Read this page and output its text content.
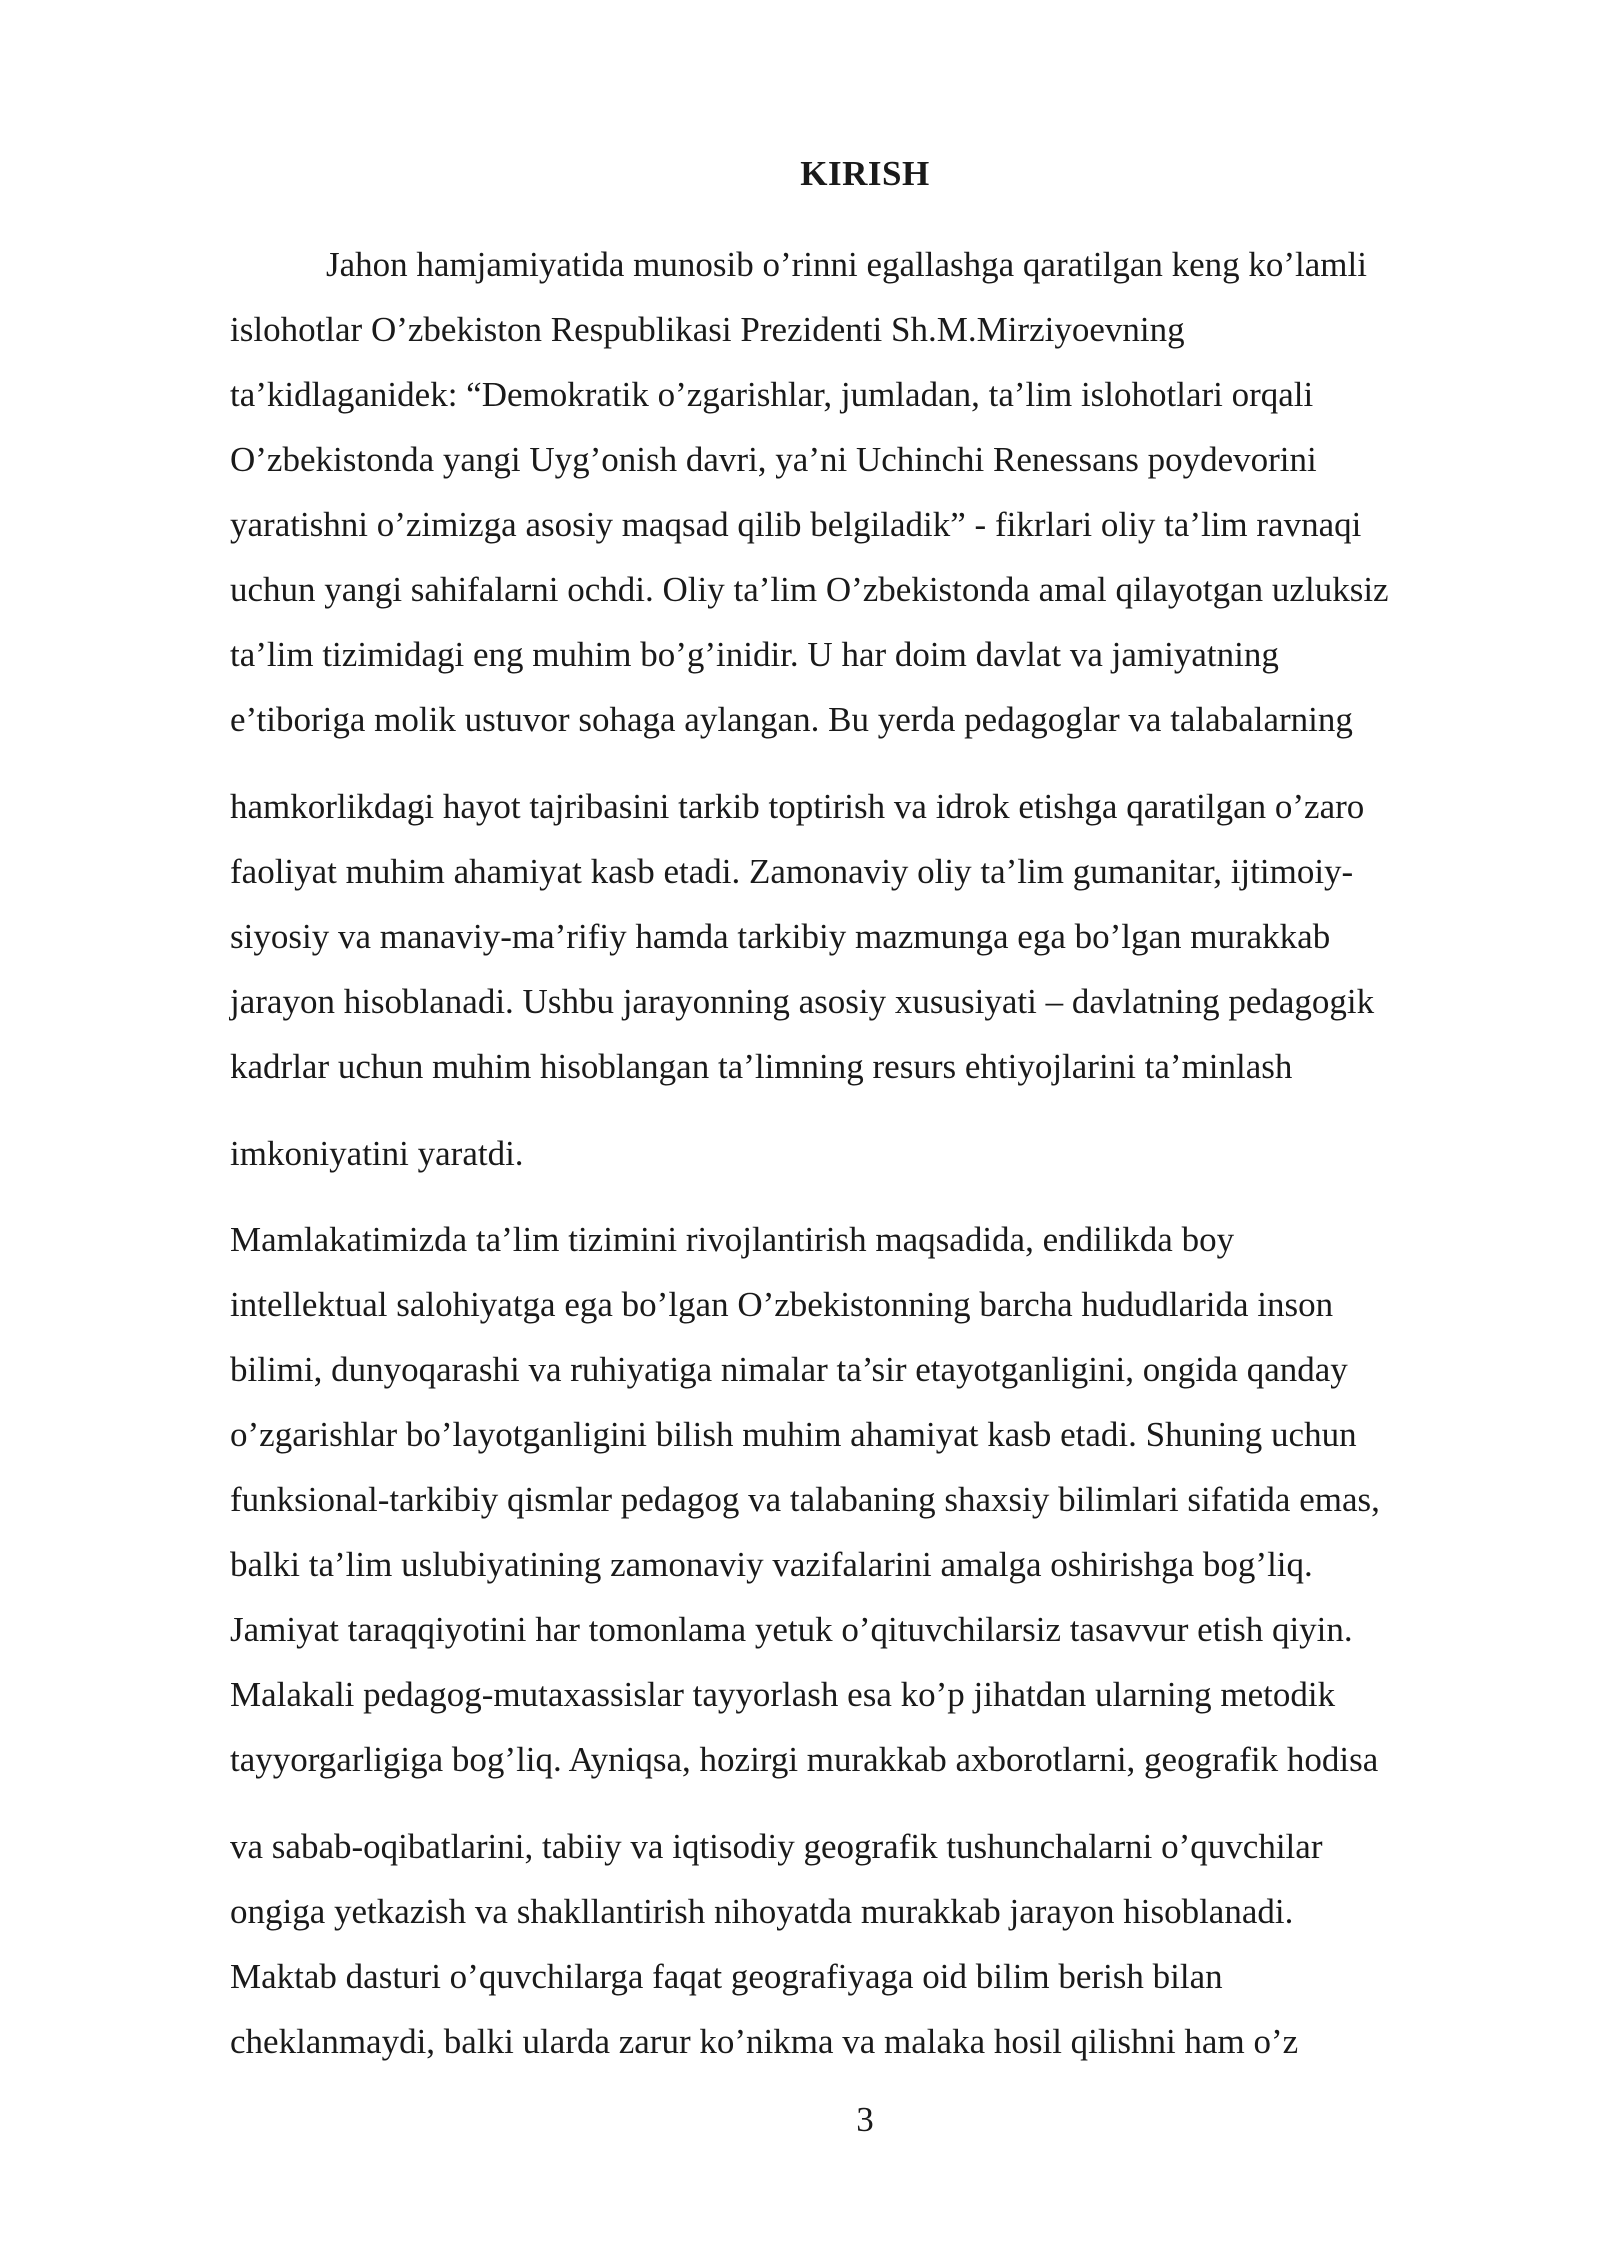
KIRISH
Jahon hamjamiyatida munosib o’rinni egallashga qaratilgan keng ko’lamli
islohotlar O’zbekiston Respublikasi Prezidenti Sh.M.Mirziyoevning
ta’kidlaganidek: “Demokratik o’zgarishlar, jumladan, ta’lim islohotlari orqali
O’zbekistonda yangi Uyg’onish davri, ya’ni Uchinchi Renessans poydevorini
yaratishni o’zimizga asosiy maqsad qilib belgiladik” - fikrlari oliy ta’lim ravnaqi
uchun yangi sahifalarni ochdi. Oliy ta’lim O’zbekistonda amal qilayotgan uzluksiz
ta’lim tizimidagi eng muhim bo’g’inidir. U har doim davlat va jamiyatning
e’tiboriga molik ustuvor sohaga aylangan. Bu yerda pedagoglar va talabalarning
hamkorlikdagi hayot tajribasini tarkib toptirish va idrok etishga qaratilgan o’zaro
faoliyat muhim ahamiyat kasb etadi. Zamonaviy oliy ta’lim gumanitar, ijtimoiy-
siyosiy va manaviy-ma’rifiy hamda tarkibiy mazmunga ega bo’lgan murakkab
jarayon hisoblanadi. Ushbu jarayonning asosiy xususiyati – davlatning pedagogik
kadrlar uchun muhim hisoblangan ta’limning resurs ehtiyojlarini ta’minlash
imkoniyatini yaratdi.
Mamlakatimizda ta’lim tizimini rivojlantirish maqsadida, endilikda boy
intellektual salohiyatga ega bo’lgan O’zbekistonning barcha hududlarida inson
bilimi, dunyoqarashi va ruhiyatiga nimalar ta’sir etayotganligini, ongida qanday
o’zgarishlar bo’layotganligini bilish muhim ahamiyat kasb etadi. Shuning uchun
funksional-tarkibiy qismlar pedagog va talabaning shaxsiy bilimlari sifatida emas,
balki ta’lim uslubiyatining zamonaviy vazifalarini amalga oshirishga bog’liq.
Jamiyat taraqqiyotini har tomonlama yetuk o’qituvchilarsiz tasavvur etish qiyin.
Malakali pedagog-mutaxassislar tayyorlash esa ko’p jihatdan ularning metodik
tayyorgarligiga bog’liq. Ayniqsa, hozirgi murakkab axborotlarni, geografik hodisa
va sabab-oqibatlarini, tabiiy va iqtisodiy geografik tushunchalarni o’quvchilar
ongiga yetkazish va shakllantirish nihoyatda murakkab jarayon hisoblanadi.
Maktab dasturi o’quvchilarga faqat geografiyaga oid bilim berish bilan
cheklanmaydi, balki ularda zarur ko’nikma va malaka hosil qilishni ham o’z
3
